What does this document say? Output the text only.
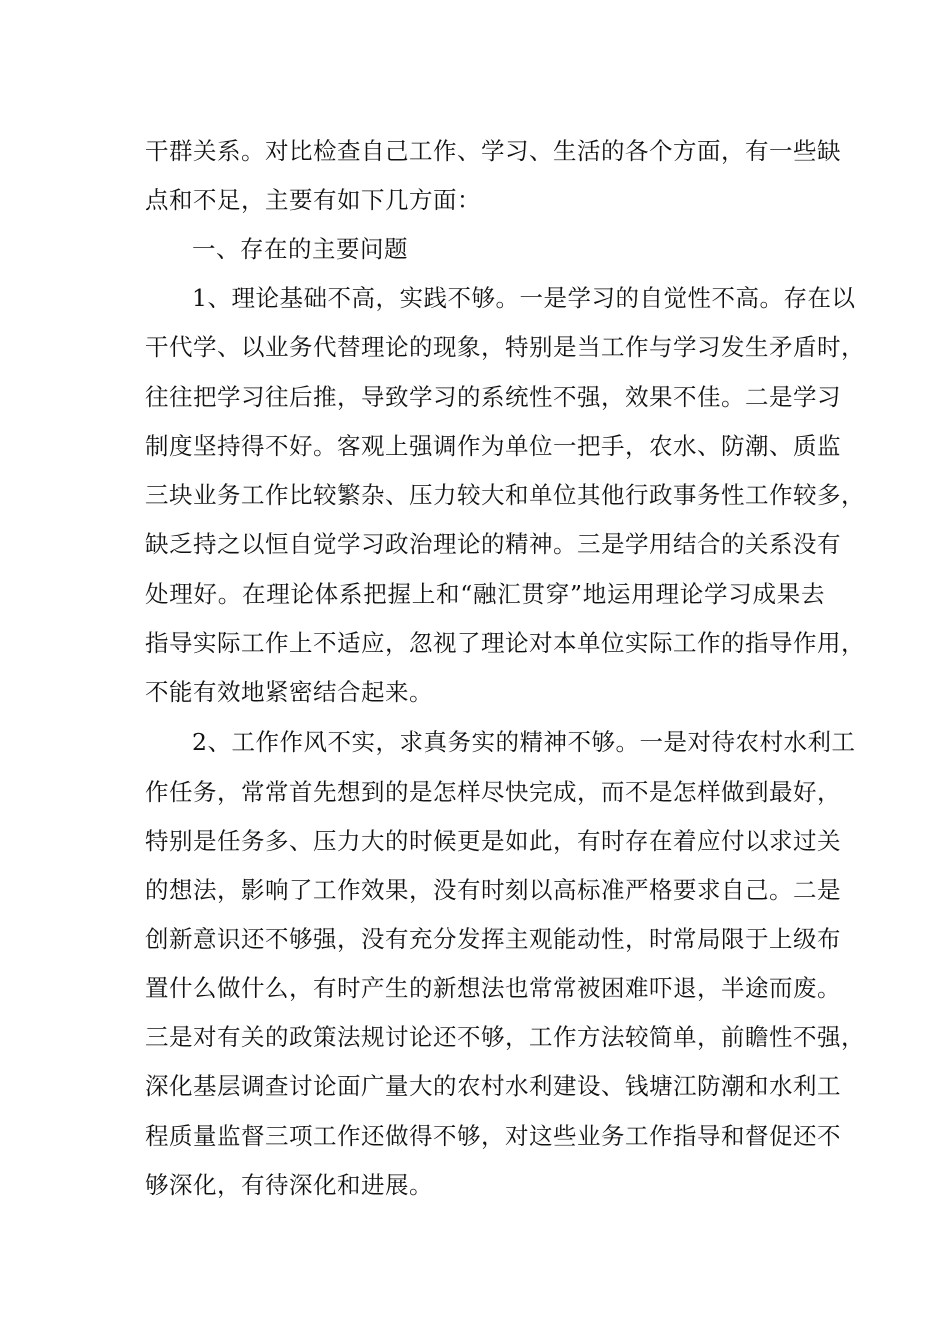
干群关系。对比检查自己工作、学习、生活的各个方面，有一些缺
点和不足，主要有如下几方面：
一、存在的主要问题
1、理论基础不高，实践不够。一是学习的自觉性不高。存在以
干代学、以业务代替理论的现象，特别是当工作与学习发生矛盾时，
往往把学习往后推，导致学习的系统性不强，效果不佳。二是学习
制度坚持得不好。客观上强调作为单位一把手，农水、防潮、质监
三块业务工作比较繁杂、压力较大和单位其他行政事务性工作较多，
缺乏持之以恒自觉学习政治理论的精神。三是学用结合的关系没有
处理好。在理论体系把握上和“融汇贯穿”地运用理论学习成果去
指导实际工作上不适应，忽视了理论对本单位实际工作的指导作用，
不能有效地紧密结合起来。
2、工作作风不实，求真务实的精神不够。一是对待农村水利工
作任务，常常首先想到的是怎样尽快完成，而不是怎样做到最好，
特别是任务多、压力大的时候更是如此，有时存在着应付以求过关
的想法，影响了工作效果，没有时刻以高标准严格要求自己。二是
创新意识还不够强，没有充分发挥主观能动性，时常局限于上级布
置什么做什么，有时产生的新想法也常常被困难吓退，半途而废。
三是对有关的政策法规讨论还不够，工作方法较简单，前瞻性不强，
深化基层调查讨论面广量大的农村水利建设、钱塘江防潮和水利工
程质量监督三项工作还做得不够，对这些业务工作指导和督促还不
够深化，有待深化和进展。
